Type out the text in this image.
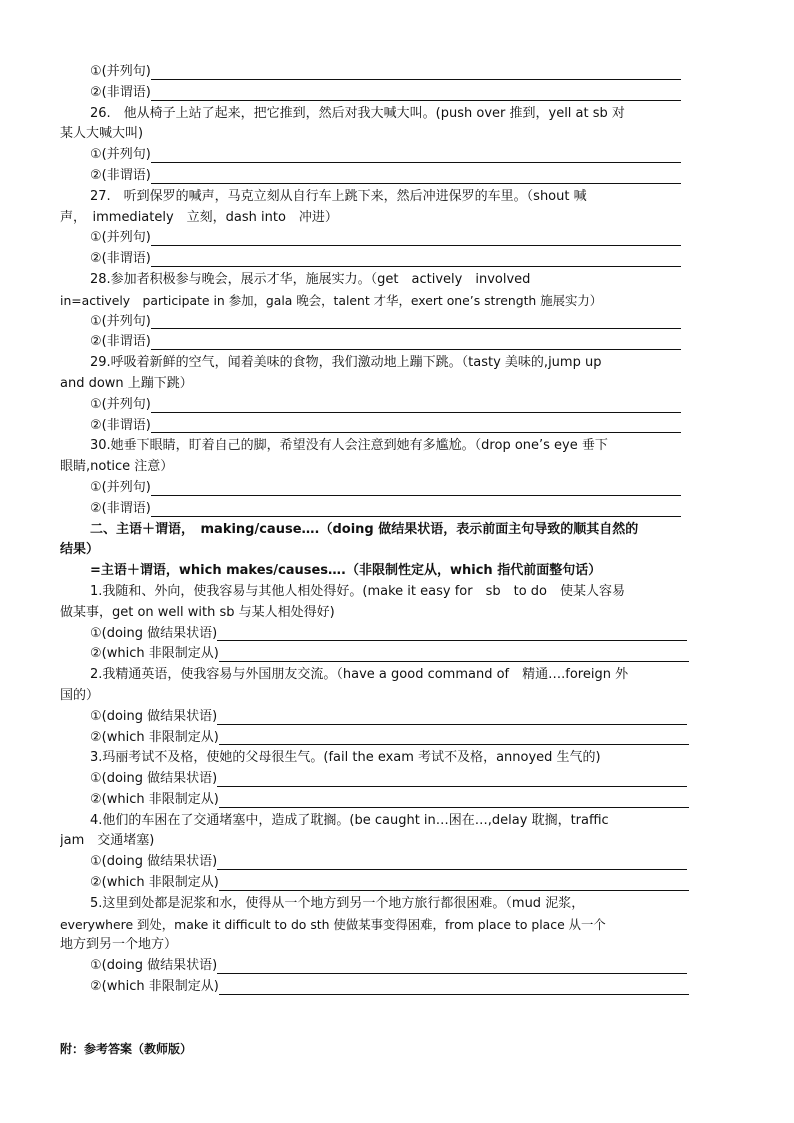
①(并列句)
②(非谓语)
26.　他从椅子上站了起来，把它推到，然后对我大喊大叫。(push over 推到，yell at sb 对
某人大喊大叫)
①(并列句)
②(非谓语)
27.　听到保罗的喊声，马克立刻从自行车上跳下来，然后冲进保罗的车里。（shout 喊
声，　immediately　立刻，dash into　冲进）
①(并列句)
②(非谓语)
28.参加者积极参与晚会，展示才华，施展实力。（get　actively　involved
in=actively　participate in 参加，gala 晚会，talent 才华，exert one’s strength 施展实力）
①(并列句)
②(非谓语)
29.呼吸着新鲜的空气，闻着美味的食物，我们激动地上蹦下跳。（tasty 美味的,jump up
and down 上蹦下跳）
①(并列句)
②(非谓语)
30.她垂下眼睛，盯着自己的脚，希望没有人会注意到她有多尴尬。（drop one’s eye 垂下
眼睛,notice 注意）
①(并列句)
②(非谓语)
二、主语＋谓语，　making/cause….（doing 做结果状语，表示前面主句导致的顺其自然的
结果）
=主语＋谓语，which makes/causes….（非限制性定从，which 指代前面整句话）
1.我随和、外向，使我容易与其他人相处得好。(make it easy for　sb　to do　使某人容易
做某事，get on well with sb 与某人相处得好)
①(doing 做结果状语)
②(which 非限制定从)
2.我精通英语，使我容易与外国朋友交流。（have a good command of　精通….foreign 外
国的）
①(doing 做结果状语)
②(which 非限制定从)
3.玛丽考试不及格，使她的父母很生气。(fail the exam 考试不及格，annoyed 生气的)
①(doing 做结果状语)
②(which 非限制定从)
4.他们的车困在了交通堵塞中，造成了耽搁。(be caught in…困在…,delay 耽搁，traffic
jam　交通堵塞)
①(doing 做结果状语)
②(which 非限制定从)
5.这里到处都是泥浆和水，使得从一个地方到另一个地方旅行都很困难。（mud 泥浆，
everywhere 到处，make it difficult to do sth 使做某事变得困难，from place to place 从一个
地方到另一个地方）
①(doing 做结果状语)
②(which 非限制定从)
附：参考答案（教师版）
